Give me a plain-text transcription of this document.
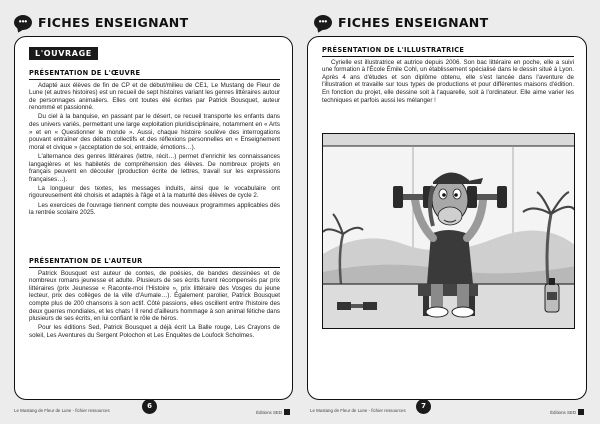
••• FICHES ENSEIGNANT
L'OUVRAGE
PRÉSENTATION DE L'ŒUVRE

Adapté aux élèves de fin de CP et de début/milieu de CE1, Le Mustang de Fleur de Lune (et autres histoires) est un recueil de sept histoires variant les genres littéraires autour de personnages animaliers. Elles ont toutes été écrites par Patrick Bousquet, auteur renommé et passionné.

Du ciel à la banquise, en passant par le désert, ce recueil transporte les enfants dans des univers variés, permettant une large exploitation pluridisciplinaire, notamment en « Arts » et en « Questionner le monde ». Aussi, chaque histoire soulève des interrogations pouvant entraîner des débats collectifs et des réflexions personnelles en « Enseignement moral et civique » (acceptation de soi, entraide, émotions…).

L'alternance des genres littéraires (lettre, récit…) permet d'enrichir les connaissances langagières et les habiletés de compréhension des élèves. De nombreux projets en français peuvent en découler (production écrite de lettres, travail sur les expressions françaises…).

La longueur des textes, les messages induits, ainsi que le vocabulaire ont rigoureusement été choisis et adaptés à l'âge et à la maturité des élèves de cycle 2.

Les exercices de l'ouvrage tiennent compte des nouveaux programmes applicables dès la rentrée scolaire 2025.

PRÉSENTATION DE L'AUTEUR

Patrick Bousquet est auteur de contes, de poésies, de bandes dessinées et de nombreux romans jeunesse et adulte. Plusieurs de ses écrits furent récompensés par prix littéraires (prix Jeunesse « Raconte-moi l'Histoire », prix littéraire des Vosges du jeune lecteur, prix des collèges de la ville d'Aumale…). Également parolier, Patrick Bousquet compte plus de 200 chansons à son actif. Côté passions, elles oscillent entre l'histoire des deux guerres mondiales, et les chats ! Il rend d'ailleurs hommage à son animal fétiche dans plusieurs de ses écrits, en lui confiant le rôle de héros.

Pour les éditions Sed, Patrick Bousquet a déjà écrit La Balle rouge, Les Crayons de soleil, Les Aventures du Sergent Polochon et Les Enquêtes de Loufock Scholmes.

Le Mustang de Fleur de Lune - fichier ressources
6
Éditions SED
••• FICHES ENSEIGNANT
PRÉSENTATION DE L'ILLUSTRATRICE

Cyrielle est illustratrice et autrice depuis 2006. Son bac littéraire en poche, elle a suivi une formation à l'École Émile Cohl, un établissement spécialisé dans le dessin situé à Lyon. Après 4 ans d'études et son diplôme obtenu, elle s'est lancée dans l'aventure de l'illustration et travaille sur tous types de productions et pour différentes maisons d'édition. En fonction du projet, elle dessine soit à l'aquarelle, soit à l'ordinateur. Elle aime varier les techniques et parfois aussi les mélanger !

Le Mustang de Fleur de Lune - fichier ressources
7
Éditions SED
